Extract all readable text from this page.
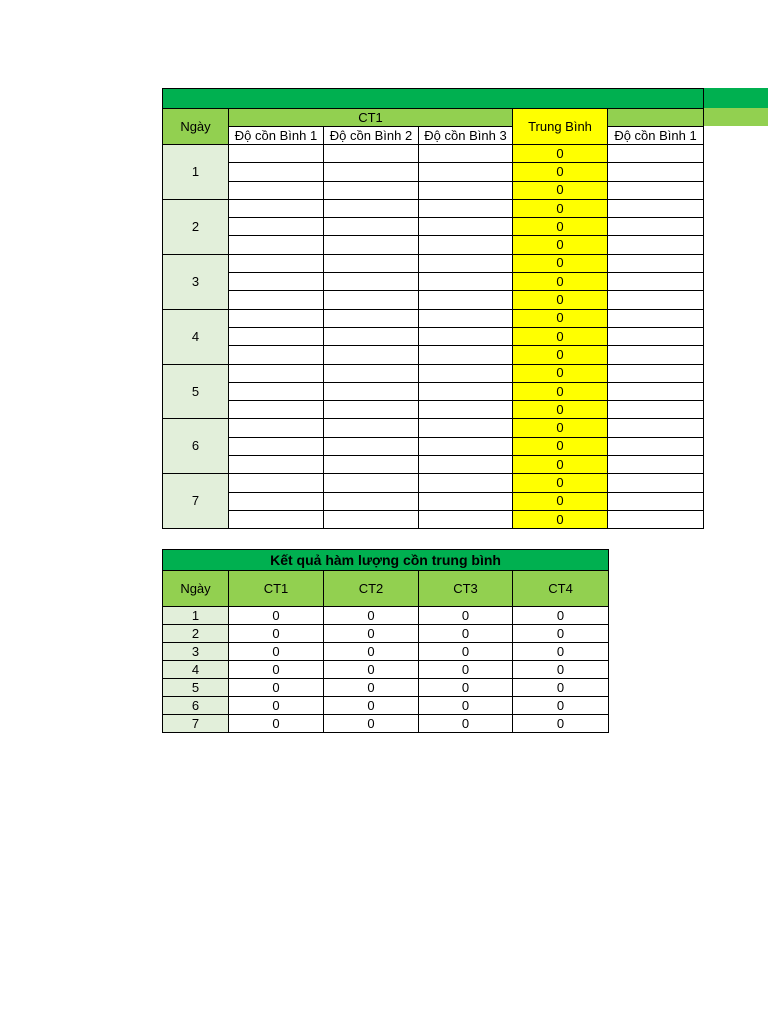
Ngày	CT1			Trung Bình	
	Độ cồn Bình 1	Độ cồn Bình 2	Độ cồn Bình 3		Độ cồn Bình 1
1				0	
				0	
				0	
2				0	
				0	
				0	
3				0	
				0	
				0	
4				0	
				0	
				0	
5				0	
				0	
				0	
6				0	
				0	
				0	
7				0	
				0	
				0	
Kết quả hàm lượng cồn trung bình				
Ngày	CT1	CT2	CT3	CT4
1	0	0	0	0
2	0	0	0	0
3	0	0	0	0
4	0	0	0	0
5	0	0	0	0
6	0	0	0	0
7	0	0	0	0
